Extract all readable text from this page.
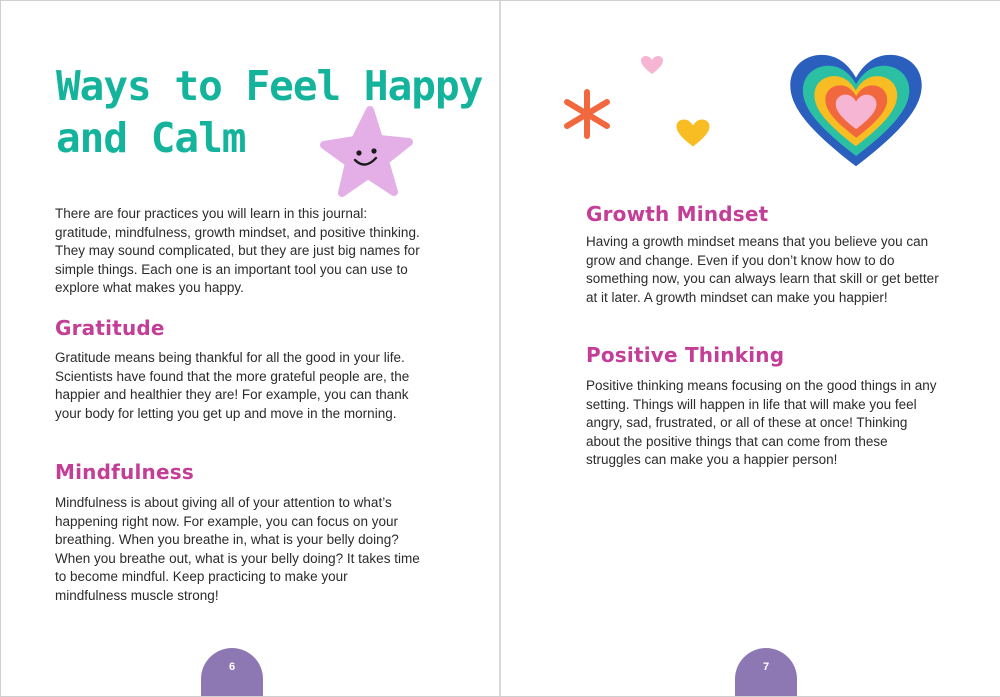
Ways to Feel Happy
and Calm

There are four practices you will learn in this journal: gratitude, mindfulness, growth mindset, and positive thinking. They may sound complicated, but they are just big names for simple things. Each one is an important tool you can use to explore what makes you happy.

Gratitude

Gratitude means being thankful for all the good in your life. Scientists have found that the more grateful people are, the happier and healthier they are! For example, you can thank your body for letting you get up and move in the morning.

Mindfulness

Mindfulness is about giving all of your attention to what’s happening right now. For example, you can focus on your breathing. When you breathe in, what is your belly doing? When you breathe out, what is your belly doing? It takes time to become mindful. Keep practicing to make your mindfulness muscle strong!

6
Growth Mindset

Having a growth mindset means that you believe you can grow and change. Even if you don’t know how to do something now, you can always learn that skill or get better at it later. A growth mindset can make you happier!

Positive Thinking

Positive thinking means focusing on the good things in any setting. Things will happen in life that will make you feel angry, sad, frustrated, or all of these at once! Thinking about the positive things that can come from these struggles can make you a happier person!

7
